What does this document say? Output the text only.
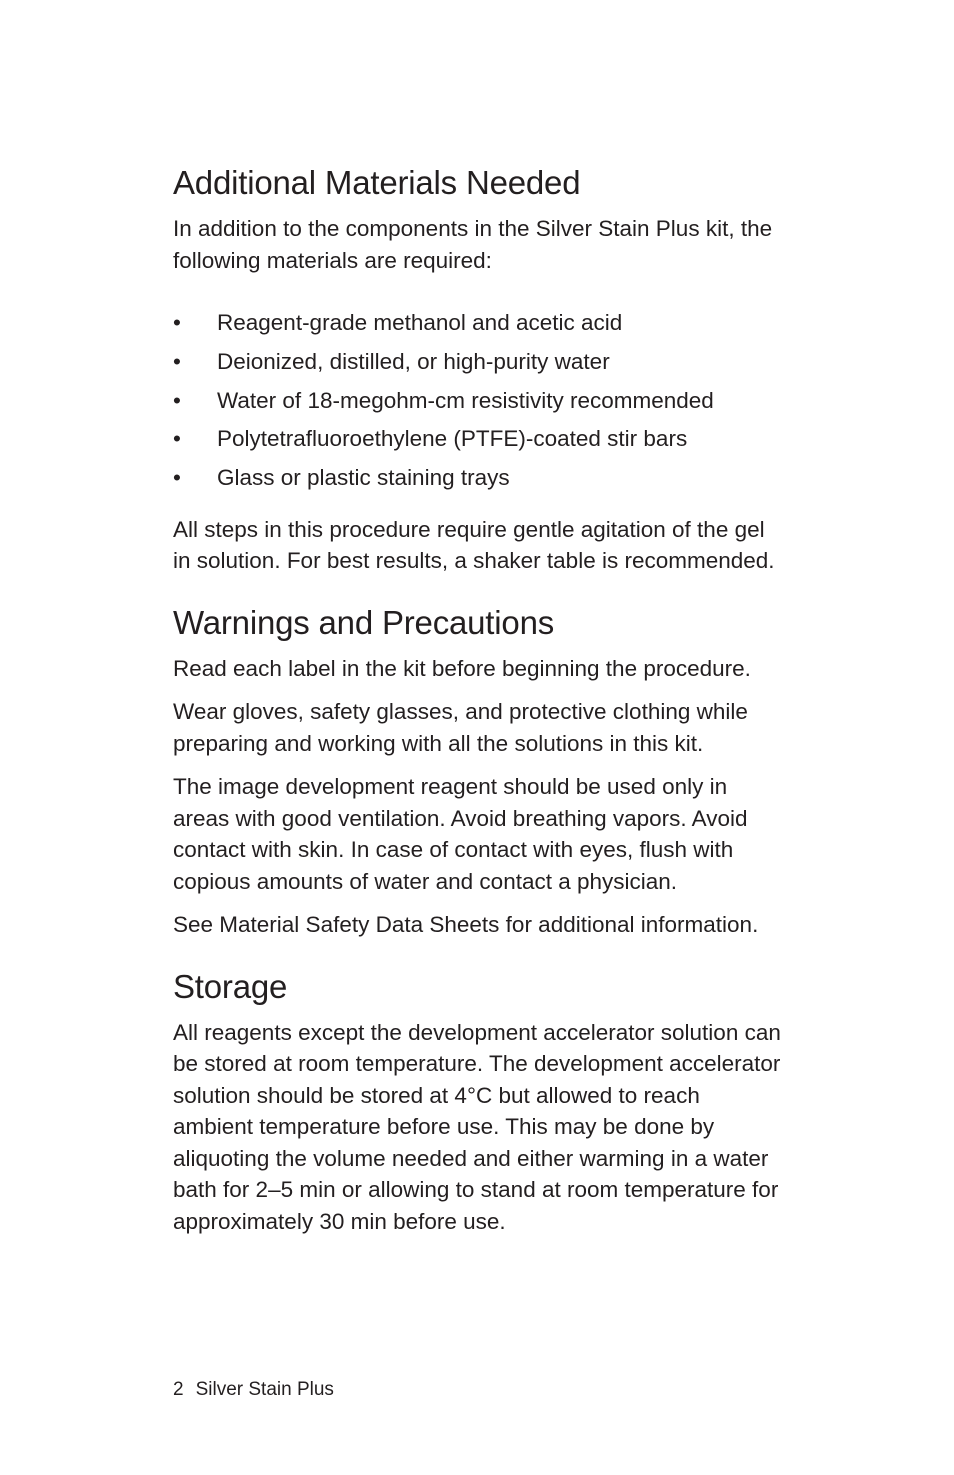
Additional Materials Needed

In addition to the components in the Silver Stain Plus kit, the following materials are required:

•	Reagent-grade methanol and acetic acid
•	Deionized, distilled, or high-purity water
•	Water of 18-megohm-cm resistivity recommended
•	Polytetrafluoroethylene (PTFE)-coated stir bars
•	Glass or plastic staining trays

All steps in this procedure require gentle agitation of the gel in solution. For best results, a shaker table is recommended.

Warnings and Precautions

Read each label in the kit before beginning the procedure.

Wear gloves, safety glasses, and protective clothing while preparing and working with all the solutions in this kit.

The image development reagent should be used only in areas with good ventilation. Avoid breathing vapors. Avoid contact with skin. In case of contact with eyes, flush with copious amounts of water and contact a physician.

See Material Safety Data Sheets for additional information.

Storage

All reagents except the development accelerator solution can be stored at room temperature. The development accelerator solution should be stored at 4°C but allowed to reach ambient temperature before use. This may be done by aliquoting the volume needed and either warming in a water bath for 2–5 min or allowing to stand at room temperature for approximately 30 min before use.

2 Silver Stain Plus
